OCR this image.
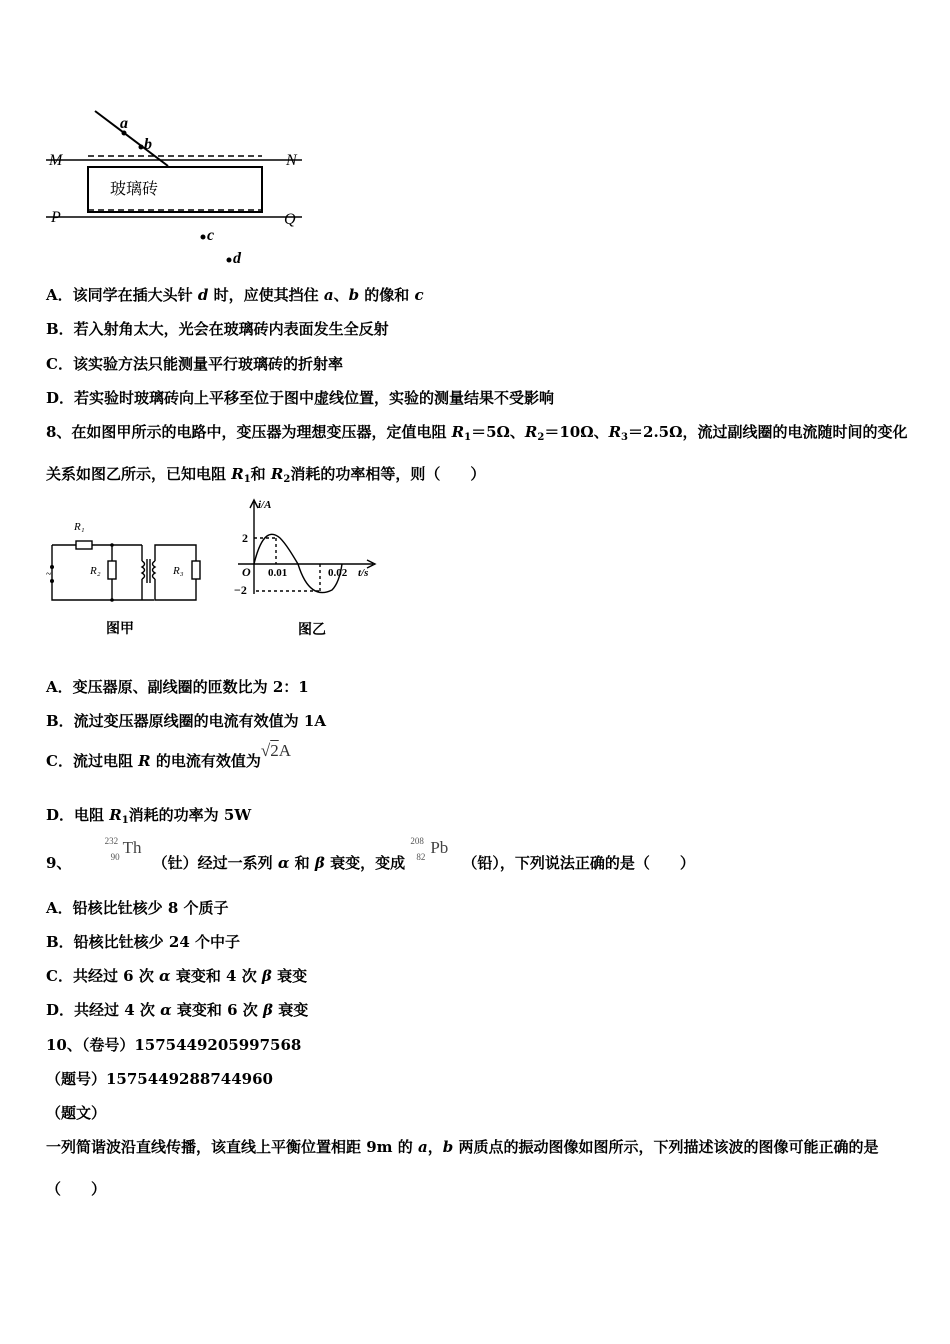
a
b
M	N
P	Q
c
d
玻璃砖
A．该同学在插大头针 d 时，应使其挡住 a、b 的像和 c
B．若入射角太大，光会在玻璃砖内表面发生全反射
C．该实验方法只能测量平行玻璃砖的折射率
D．若实验时玻璃砖向上平移至位于图中虚线位置，实验的测量结果不受影响
8、在如图甲所示的电路中，变压器为理想变压器，定值电阻 $R_1=5\Omega$、$R_2=10\Omega$、$R_3=2.5\Omega$，流过副线圈的电流随时间的变化关系如图乙所示，已知电阻 $R_1$和 $R_2$消耗的功率相等，则（　　）
~
R₁
R₂	R₃
图甲
i/A
2
−2
O 0.01	0.02 t/s
图乙
A．变压器原、副线圈的匝数比为 2：1
B．流过变压器原线圈的电流有效值为 1A
C．流过电阻 R 的电流有效值为√2A
D．电阻 $R_1$消耗的功率为 5W
9、
232
90 Th
（钍）经过一系列 α 和 β 衰变，变成
208
82 Pb
（铅），下列说法正确的是（　　）
A．铅核比钍核少 8 个质子
B．铅核比钍核少 24 个中子
C．共经过 6 次 α 衰变和 4 次 β 衰变
D．共经过 4 次 α 衰变和 6 次 β 衰变
10、（卷号）1575449205997568
（题号）1575449288744960
（题文）
一列简谐波沿直线传播，该直线上平衡位置相距 9m 的 a，b 两质点的振动图像如图所示，下列描述该波的图像可能正确的是（　　）
